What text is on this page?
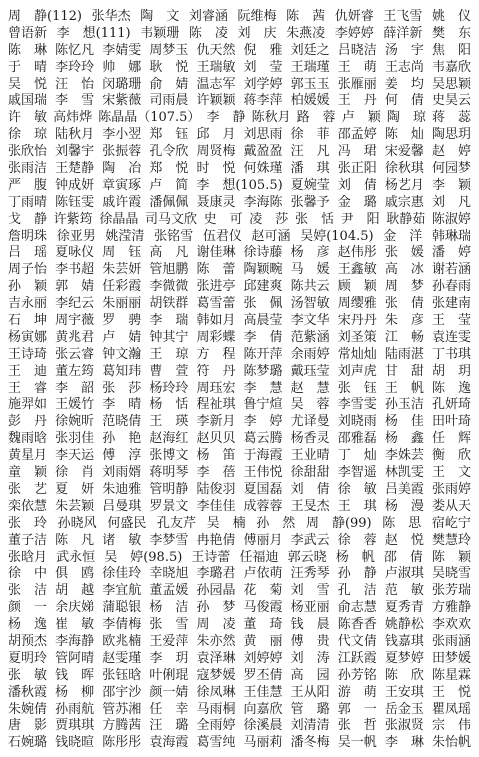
周　静(112) 张华杰 陶　文 刘睿涵 阮维梅 陈　茜 仇妍睿 王飞雪 姚　仪
曾语新 李　想(111) 韦颖珊 陈　凌 刘　庆 朱燕凌 李婷婷 薛洋新 樊　东
陈　琳 陈忆凡 李婧雯 周梦玉 仇天然 倪　雅 刘廷之 吕晓洁 汤　宇 焦　阳
于　晴 李玲玲 帅　娜 耿　悦 王瑞敏 刘　莹 王瑞瑾 王　萌 王志尚 韦嘉欣
吴　悦 汪　怡 闵璐珊 俞　婧 温志军 刘学婷 郭玉玉 张雁丽 姜　均 吴思颖
戚国瑞 李　雪 宋紫薇 司雨晨 许颖颖 蒋李萍 柏媛媛 王　丹 何　倩 史昊云
许　敏 高炜烨 陈晶晶（107.5） 李　静 陈秋月 路　蓉 卢　颖 陶　琼 蒋　蕊
徐　琼 陆秋月 李小翌 郑　钰 邱　月 刘思雨 徐　菲 邵孟婷 陈　灿 陶思玥
张欣怡 刘馨宇 张振蓉 孔令欣 周贤梅 戴盈盈 汪　凡 冯　珺 宋爱馨 赵　婷
张雨洁 王楚静 陶　冶 郑　悦 时　悦 何姝瑾 潘　琪 张正阳 徐秋琪 何园梦
严　腹 钟成妍 章寅琢 卢　简 李　想(105.5) 夏婉莹 刘　倩 杨艺月 李　颖
丁雨晴 陈钰雯 戚许霞 潘佩佩 聂康灵 李海陈 张馨予 金　璐 戚宗惠 刘　凡
戈　静 许紫筠 徐晶晶 司马文欣 史　可 凌　莎 张　恬 尹　阳 耿静茹 陈淑婷
詹明珠 徐亚男 姚滢清 张铭雪 伍君仪 赵可涵 吴婷(104.5) 金　洋 韩琳瑞
吕　瑶 夏咏仪 周　钰 高　凡 谢佳琳 徐诗藤 杨　彦 赵伟彤 张　媛 潘　婷
周子怡 李书超 朱芸妍 管旭鹏 陈　蕾 陶颖畹 马　媛 王鑫敏 高　冰 谢若涵
孙　颖 郭　婧 任彩霞 李微微 张进亭 邱建爽 陈共云 顾　颖 周　梦 孙春雨
吉永丽 李纪云 朱丽丽 胡铁群 葛雪蕾 张　佩 汤智敏 周缨雅 张　倩 张建南
石　坤 周宇薇 罗　骋 李　瑞 韩如月 高晨莹 李文华 宋丹丹 朱　彦 王　莹
杨寅娜 黄兆君 卢　婧 钟其宁 周彩蝶 李　倩 范紫涵 刘圣策 江　畅 袁连雯
王诗琦 张云睿 钟文瀚 王　琼 方　程 陈开萍 余雨婷 常灿灿 陆雨湛 丁书琪
王　迪 董左筠 葛知玮 曹　萱 符　丹 陈梦璐 戴珏莹 刘声虎 甘　甜 胡　玥
王　睿 李　韶 张　莎 杨玲玲 周珏宏 李　慧 赵　慧 张　钰 王　帆 陈　逸
施羿如 王媛竹 李　晴 杨　恬 程祉琪 鲁宁煊 吴　蓉 李雪雯 孙玉洁 孔妍琦
彭　丹 徐婉昕 范晓倩 王　瑛 李新月 李　婷 尤译曼 刘晓雨 杨　佳 田叶琦
魏雨晗 张羽佳 孙　艳 赵海红 赵贝贝 葛云腾 杨香灵 邵雅磊 杨　鑫 任　辉
黄星月 李天运 傅　淳 张博文 杨　笛 于海霞 王业晴 丁　灿 李姝芸 衡　欣
童　颖 徐　肖 刘雨婿 蒋明琴 李　蓓 王伟悦 徐甜甜 李智遥 林凯雯 王　文
张　艺 夏　妍 朱迪雅 管明静 陆俊羽 夏国磊 刘　倩 徐　敏 吕美霞 张雨婷
栾依慧 朱芸颖 吕曼琪 罗景文 李佳佳 成蓉蓉 王旻杰 王　琪 杨　漫 娄从天
张　玲 孙晓风 何盛民 孔友芹 吴　楠 孙　然 周　静(99) 陈　思 宿屹宁
董子洁 陈　凡 诸　敏 李梦雪 冉艳倩 傅丽月 李武云 徐　蓉 赵　悦 樊慧玲
张晗月 武永恒 吴　婷(98.5) 王诗蕾 任福迪 郭云晓 杨　帆 邵　倩 陈　颖
徐　中 俱　鸥 徐佳玲 幸晓旭 李璐君 卢依萌 汪秀琴 孙　静 卢淑琪 吴晓雪
张　洁 胡　越 李宜航 董孟媛 孙园晶 花　菊 刘　雪 孔　洁 范　敏 张芳瑞
颜　一 余庆娣 蒲聪银 杨　洁 孙　梦 马俊霞 杨亚丽 俞志慧 夏秀青 方雅静
杨　逸 崔　敏 李倩梅 张　雪 周　凌 董　琦 钱　晨 陈香香 姚静松 李欢欢
胡预杰 李海静 欧兆楠 王爱萍 朱亦然 黄　丽 傅　贵 代文倩 钱嘉琪 张雨涵
夏明玲 管阿晴 赵雯瑾 李　玥 袁泽琳 刘婷婷 刘　涛 江跃霞 夏梦婷 田梦媛
张　敏 钱　晖 张钰晗 叶俐琨 寇梦媛 罗丕倩 高　园 孙芳铭 陈　欣 陈星霖
潘秋霞 杨　柳 邵宇沙 颜一婧 徐凤琳 王佳慧 王从阳 游　萌 王安琪 王　悦
朱婉倩 孙雨航 管苏湘 任　幸 马雨桐 向嘉欣 管　璐 郭　一 岳金玉 瞿凤瑶
唐　影 贾琪琪 方腾茜 汪　璐 全雨婷 徐溪晨 刘清清 张　哲 张淑贤 宗　伟
石婉璐 钱晓暄 陈彤彤 袁海霞 葛雪纯 马丽莉 潘冬梅 吴一帆 李　琳 朱怡帆
